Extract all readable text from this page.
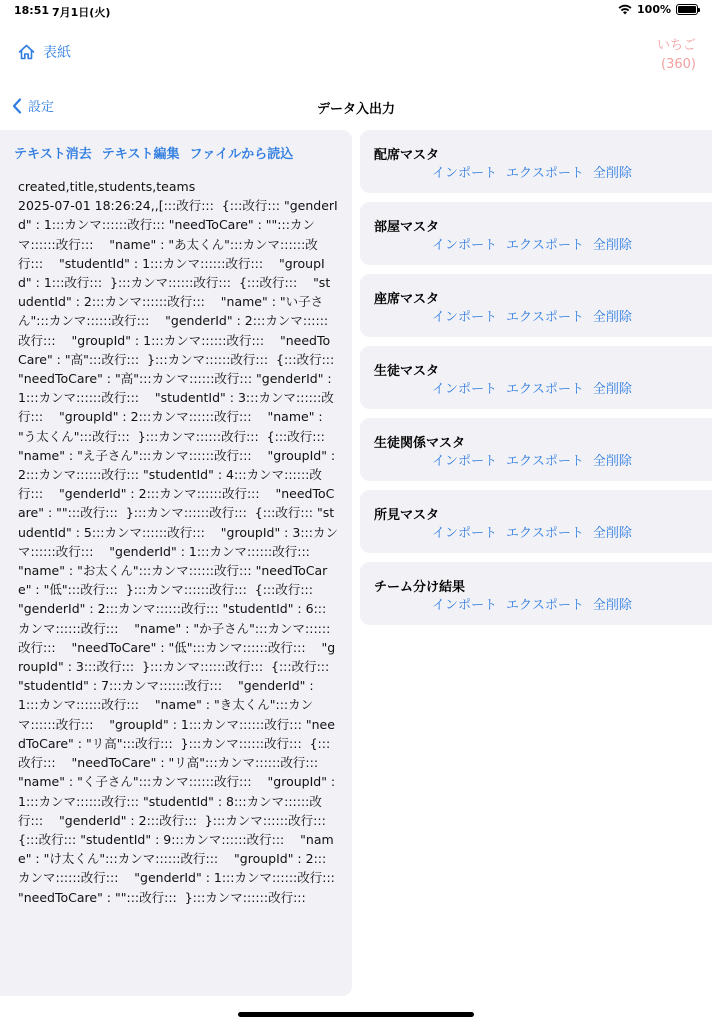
18:51 7月1日(火)	100%
表紙	いちご
(360)
設定	データ入出力
テキスト消去 テキスト編集 ファイルから読込
created,title,students,teams
2025-07-01 18:26:24,,[:::改行:::  {:::改行::: "genderId" : 1:::カンマ::::::改行::: "needToCare" : "":::カンマ::::::改行:::    "name" : "あ太くん":::カンマ::::::改行:::    "studentId" : 1:::カンマ::::::改行:::    "groupId" : 1:::改行:::  }:::カンマ::::::改行:::  {:::改行:::    "studentId" : 2:::カンマ::::::改行:::    "name" : "い子さん":::カンマ::::::改行:::    "genderId" : 2:::カンマ::::::改行:::    "groupId" : 1:::カンマ::::::改行:::    "needToCare" : "高":::改行:::  }:::カンマ::::::改行:::  {:::改行::: "needToCare" : "高":::カンマ::::::改行::: "genderId" : 1:::カンマ::::::改行:::    "studentId" : 3:::カンマ::::::改行:::    "groupId" : 2:::カンマ::::::改行:::    "name" : "う太くん":::改行:::  }:::カンマ::::::改行:::  {:::改行:::    "name" : "え子さん":::カンマ::::::改行:::    "groupId" : 2:::カンマ::::::改行::: "studentId" : 4:::カンマ::::::改行:::    "genderId" : 2:::カンマ::::::改行:::    "needToCare" : "":::改行:::  }:::カンマ::::::改行:::  {:::改行::: "studentId" : 5:::カンマ::::::改行:::    "groupId" : 3:::カンマ::::::改行:::    "genderId" : 1:::カンマ::::::改行:::    "name" : "お太くん":::カンマ::::::改行::: "needToCare" : "低":::改行:::  }:::カンマ::::::改行:::  {:::改行:::    "genderId" : 2:::カンマ::::::改行::: "studentId" : 6:::カンマ::::::改行:::    "name" : "か子さん":::カンマ::::::改行:::    "needToCare" : "低":::カンマ::::::改行:::    "groupId" : 3:::改行:::  }:::カンマ::::::改行:::  {:::改行::: "studentId" : 7:::カンマ::::::改行:::    "genderId" : 1:::カンマ::::::改行:::    "name" : "き太くん":::カンマ::::::改行:::    "groupId" : 1:::カンマ::::::改行::: "needToCare" : "リ高":::改行:::  }:::カンマ::::::改行:::  {:::改行:::    "needToCare" : "リ高":::カンマ::::::改行:::    "name" : "く子さん":::カンマ::::::改行:::    "groupId" : 1:::カンマ::::::改行::: "studentId" : 8:::カンマ::::::改行:::    "genderId" : 2:::改行:::  }:::カンマ::::::改行:::  {:::改行::: "studentId" : 9:::カンマ::::::改行:::    "name" : "け太くん":::カンマ::::::改行:::    "groupId" : 2:::カンマ::::::改行:::    "genderId" : 1:::カンマ::::::改行::: "needToCare" : "":::改行:::  }:::カンマ::::::改行:::
配席マスタ
インポート エクスポート 全削除
部屋マスタ
インポート エクスポート 全削除
座席マスタ
インポート エクスポート 全削除
生徒マスタ
インポート エクスポート 全削除
生徒関係マスタ
インポート エクスポート 全削除
所見マスタ
インポート エクスポート 全削除
チーム分け結果
インポート エクスポート 全削除
